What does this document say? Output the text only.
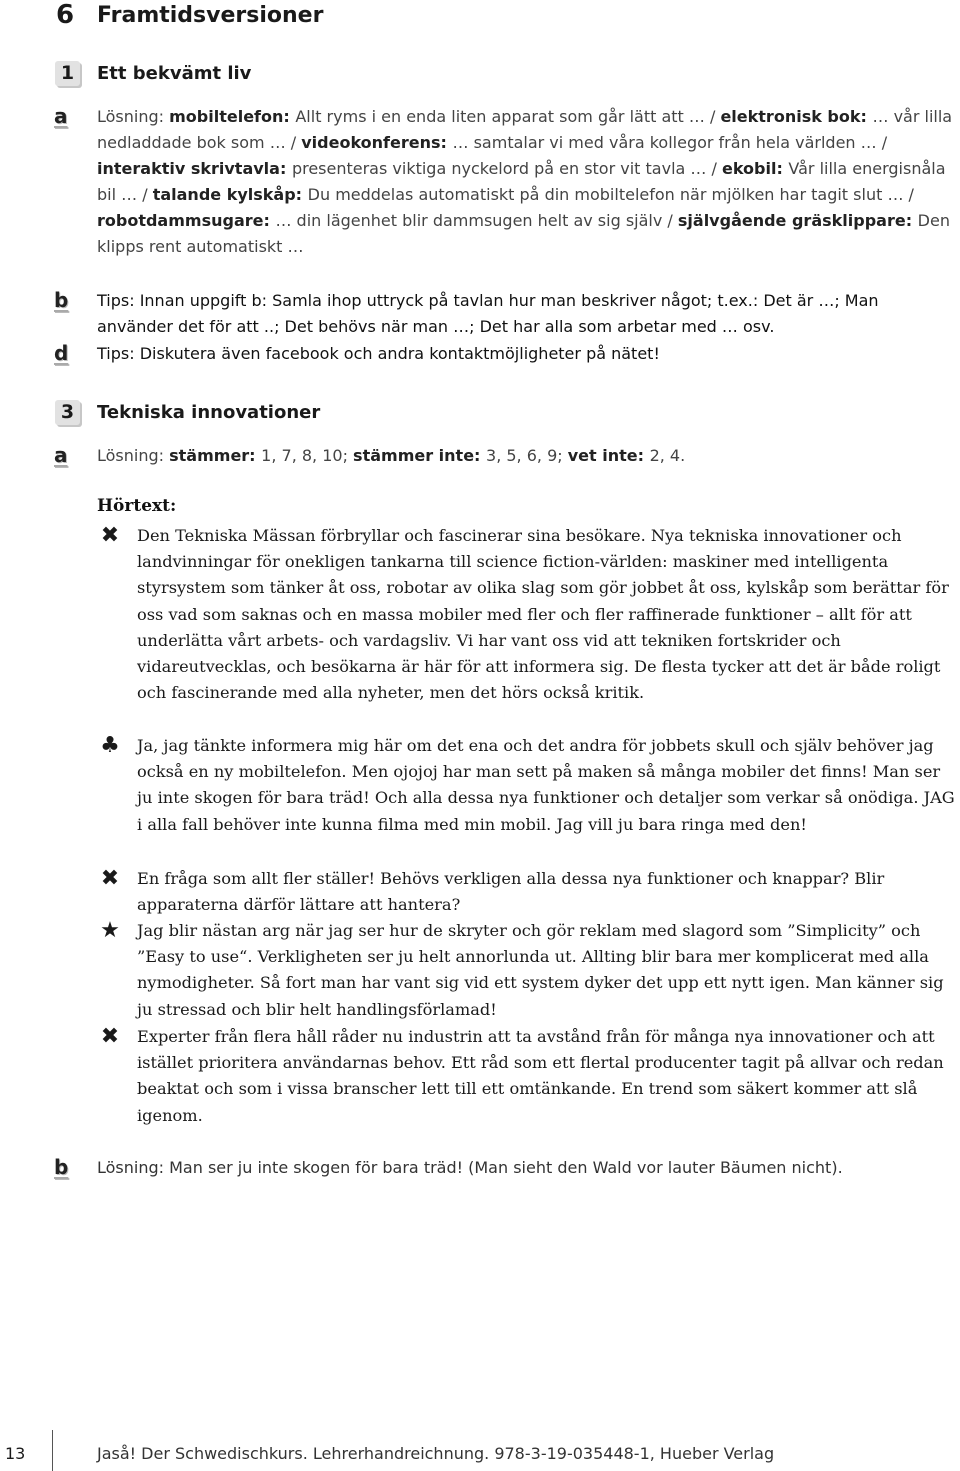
6 Framtidsversioner
1	Ett bekvämt liv
a	Lösning: mobiltelefon: Allt ryms i en enda liten apparat som går lätt att … / elektronisk bok: … vår lilla nedladdade bok som … / videokonferens: … samtalar vi med våra kollegor från hela världen … / interaktiv skrivtavla: presenteras viktiga nyckelord på en stor vit tavla … / ekobil: Vår lilla energisnåla bil … / talande kylskåp: Du meddelas automatiskt på din mobiltelefon när mjölken har tagit slut … / robotdammsugare: … din lägenhet blir dammsugen helt av sig själv / självgående gräsklippare: Den klipps rent automatiskt …
b	Tips: Innan uppgift b: Samla ihop uttryck på tavlan hur man beskriver något; t.ex.: Det är …; Man använder det för att ..; Det behövs när man …; Det har alla som arbetar med … osv.
d	Tips: Diskutera även facebook och andra kontaktmöjligheter på nätet!
3	Tekniska innovationer
a	Lösning: stämmer: 1, 7, 8, 10; stämmer inte: 3, 5, 6, 9; vet inte: 2, 4.
Hörtext:
✖ Den Tekniska Mässan förbryllar och fascinerar sina besökare. Nya tekniska innovationer och landvinningar för onekligen tankarna till science fiction-världen: maskiner med intelligenta styrsystem som tänker åt oss, robotar av olika slag som gör jobbet åt oss, kylskåp som berättar för oss vad som saknas och en massa mobiler med fler och fler raffinerade funktioner – allt för att underlätta vårt arbets- och vardagsliv. Vi har vant oss vid att tekniken fortskrider och vidareutvecklas, och besökarna är här för att informera sig. De flesta tycker att det är både roligt och fascinerande med alla nyheter, men det hörs också kritik.
♣ Ja, jag tänkte informera mig här om det ena och det andra för jobbets skull och själv behöver jag också en ny mobiltelefon. Men ojojoj har man sett på maken så många mobiler det finns! Man ser ju inte skogen för bara träd! Och alla dessa nya funktioner och detaljer som verkar så onödiga. JAG i alla fall behöver inte kunna filma med min mobil. Jag vill ju bara ringa med den!
✖ En fråga som allt fler ställer! Behövs verkligen alla dessa nya funktioner och knappar? Blir apparaterna därför lättare att hantera?
★ Jag blir nästan arg när jag ser hur de skryter och gör reklam med slagord som ”Simplicity” och ”Easy to use“. Verkligheten ser ju helt annorlunda ut. Allting blir bara mer komplicerat med alla nymodigheter. Så fort man har vant sig vid ett system dyker det upp ett nytt igen. Man känner sig ju stressad och blir helt handlingsförlamad!
✖ Experter från flera håll råder nu industrin att ta avstånd från för många nya innovationer och att istället prioritera användarnas behov. Ett råd som ett flertal producenter tagit på allvar och redan beaktat och som i vissa branscher lett till ett omtänkande. En trend som säkert kommer att slå igenom.
b	Lösning: Man ser ju inte skogen för bara träd! (Man sieht den Wald vor lauter Bäumen nicht).
13	Jaså! Der Schwedischkurs. Lehrerhandreichnung. 978-3-19-035448-1, Hueber Verlag
